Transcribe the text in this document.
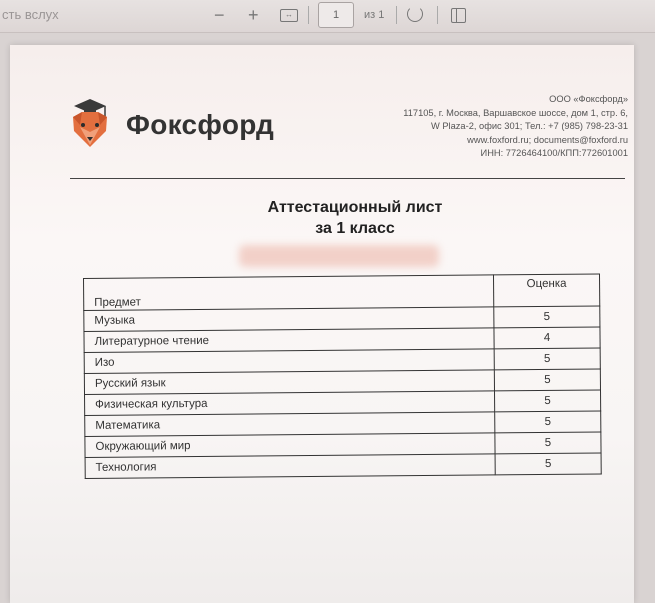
сть вслух	− +	↔	1	из 1
Фоксфорд
ООО «Фоксфорд»
117105, г. Москва, Варшавское шоссе, дом 1, стр. 6,
W Plaza-2, офис 301; Тел.: +7 (985) 798-23-31
www.foxford.ru; documents@foxford.ru
ИНН: 7726464100/КПП:772601001
Аттестационный лист
за 1 класс
Предмет	Оценка
Музыка	5
Литературное чтение	4
Изо	5
Русский язык	5
Физическая культура	5
Математика	5
Окружающий мир	5
Технология	5
